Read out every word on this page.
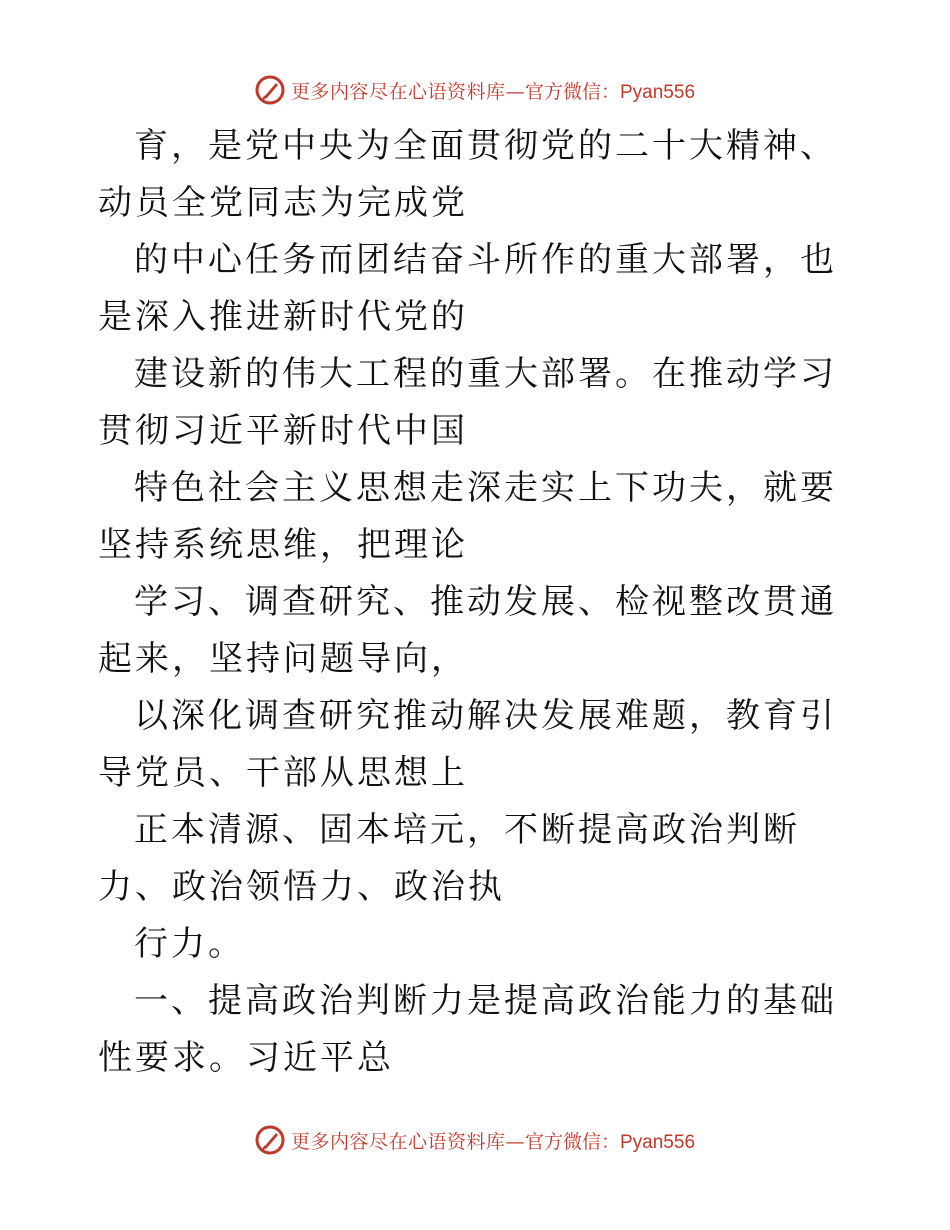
更多内容尽在心语资料库— 官方微信：Pyan556

育，是党中央为全面贯彻党的二十大精神、动员全党同志为完成党

的中心任务而团结奋斗所作的重大部署，也是深入推进新时代党的

建设新的伟大工程的重大部署。在推动学习贯彻习近平新时代中国

特色社会主义思想走深走实上下功夫，就要坚持系统思维，把理论

学习、调查研究、推动发展、检视整改贯通起来，坚持问题导向，

以深化调查研究推动解决发展难题，教育引导党员、干部从思想上

正本清源、固本培元，不断提高政治判断力、政治领悟力、政治执

行力。

一、提高政治判断力是提高政治能力的基础性要求。习近平总

更多内容尽在心语资料库— 官方微信：Pyan556
